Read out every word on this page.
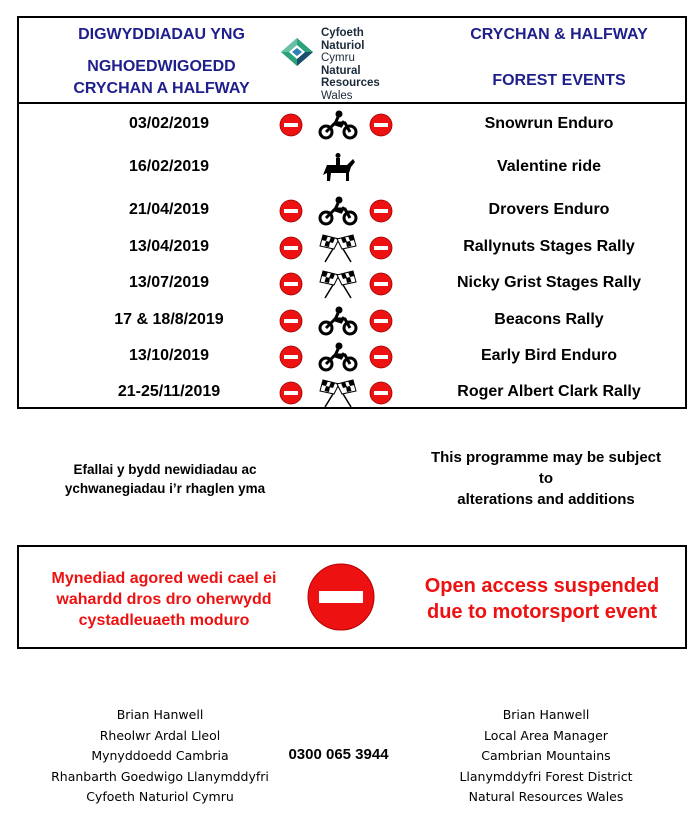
DIGWYDDIADAU YNG
NGHOEDWIGOEDD
CRYCHAN A HALFWAY
Cyfoeth
Naturiol
Cymru
Natural
Resources
Wales
CRYCHAN & HALFWAY
FOREST EVENTS
03/02/2019	Snowrun Enduro
16/02/2019	Valentine ride
21/04/2019	Drovers Enduro
13/04/2019	Rallynuts Stages Rally
13/07/2019	Nicky Grist Stages Rally
17 & 18/8/2019	Beacons Rally
13/10/2019	Early Bird Enduro
21-25/11/2019	Roger Albert Clark Rally
Efallai y bydd newidiadau ac
ychwanegiadau i’r rhaglen yma
This programme may be subject
to
alterations and additions
Mynediad agored wedi cael ei
wahardd dros dro oherwydd
cystadleuaeth moduro
Open access suspended
due to motorsport event
Brian Hanwell
Rheolwr Ardal Lleol
Mynyddoedd Cambria
Rhanbarth Goedwigo Llanymddyfri
Cyfoeth Naturiol Cymru
0300 065 3944
Brian Hanwell
Local Area Manager
Cambrian Mountains
Llanymddyfri Forest District
Natural Resources Wales
